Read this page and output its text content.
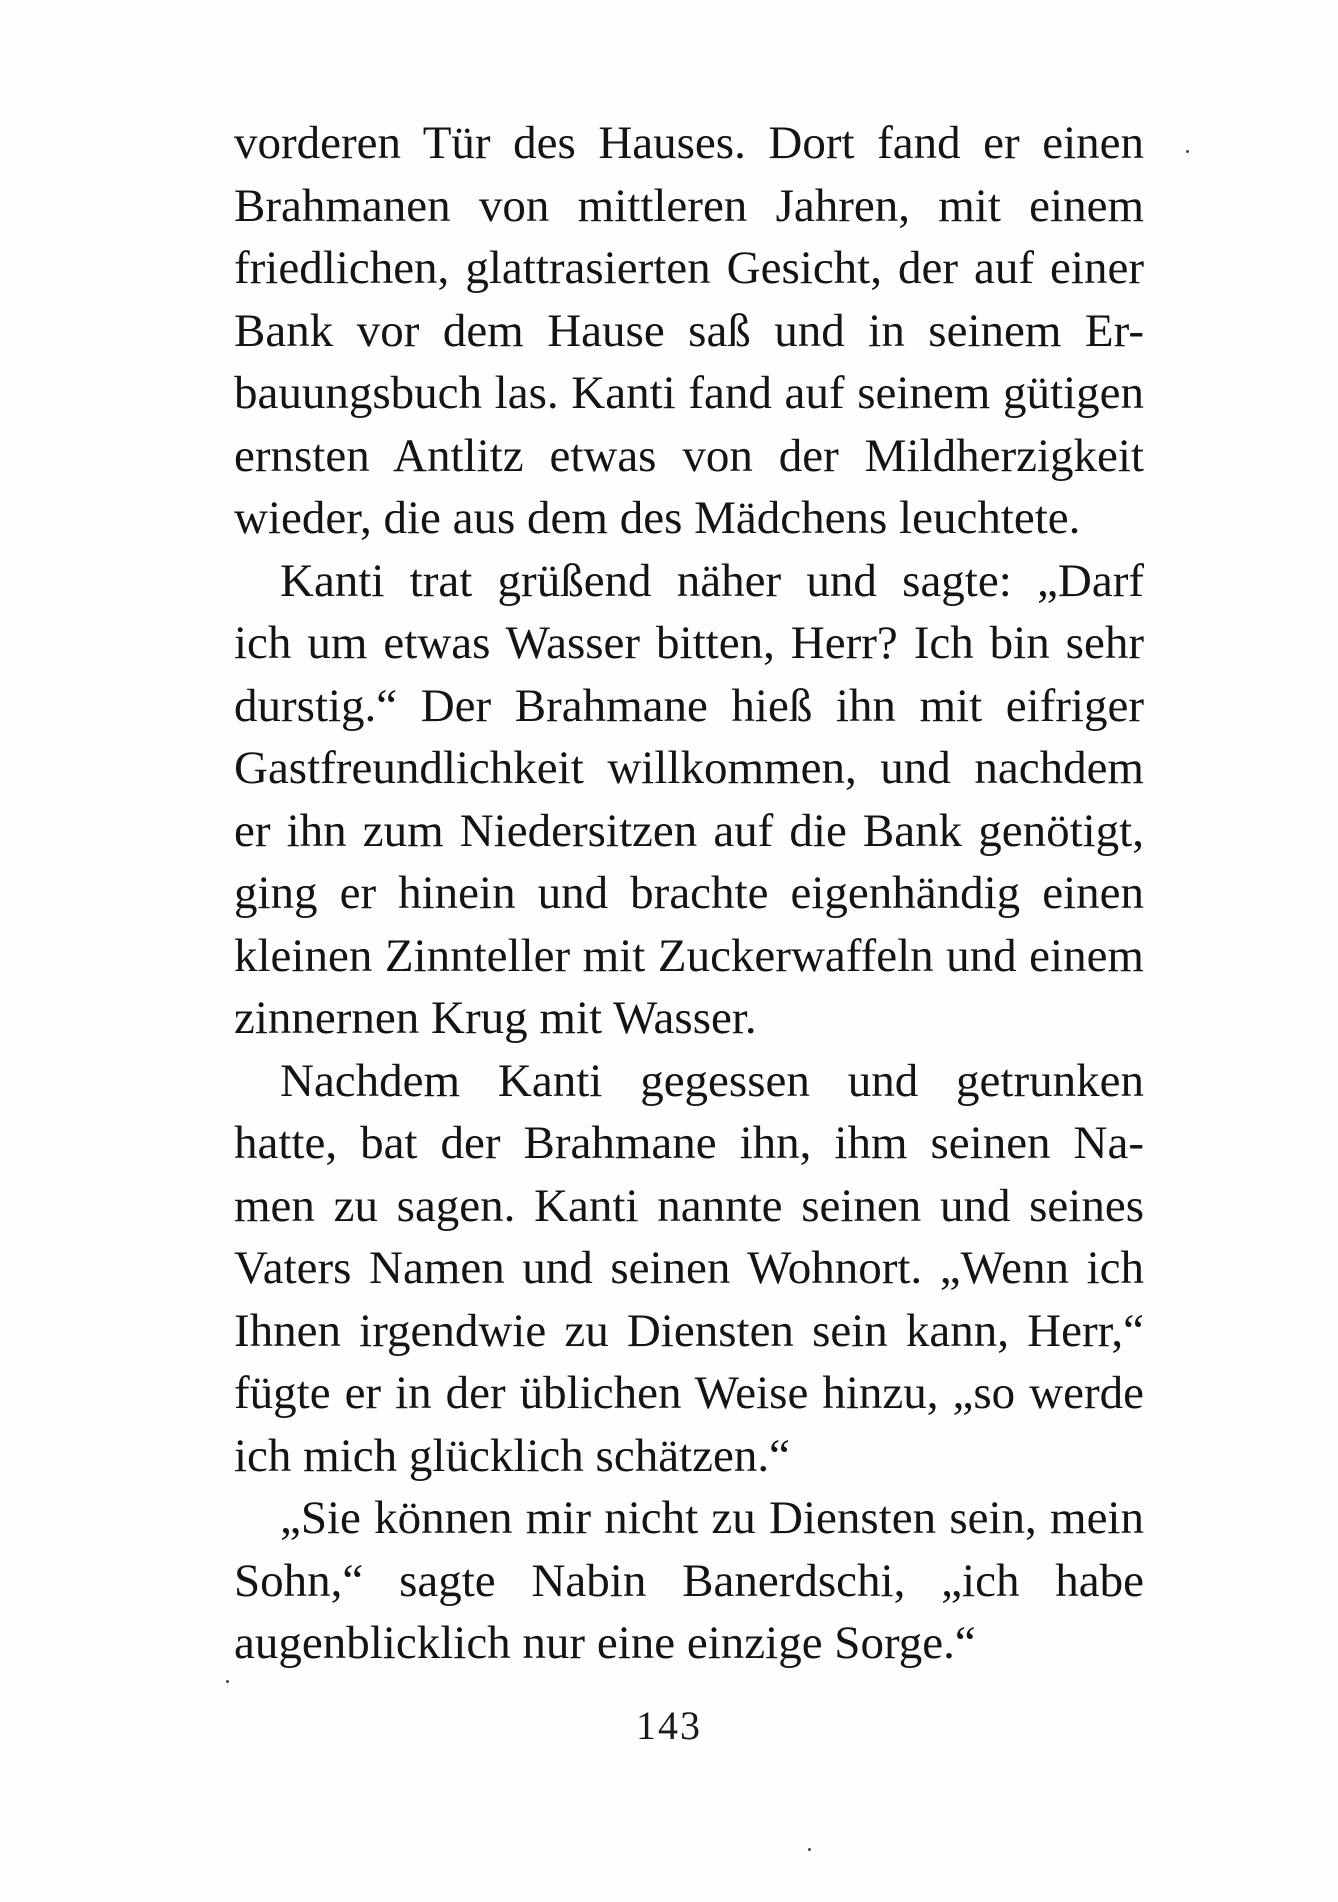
vorderen Tür des Hauses. Dort fand er einen
Brahmanen von mittleren Jahren, mit einem
friedlichen, glattrasierten Gesicht, der auf einer
Bank vor dem Hause saß und in seinem Er-
bauungsbuch las. Kanti fand auf seinem gütigen
ernsten Antlitz etwas von der Mildherzigkeit
wieder, die aus dem des Mädchens leuchtete.
Kanti trat grüßend näher und sagte: „Darf
ich um etwas Wasser bitten, Herr? Ich bin sehr
durstig.“ Der Brahmane hieß ihn mit eifriger
Gastfreundlichkeit willkommen, und nachdem
er ihn zum Niedersitzen auf die Bank genötigt,
ging er hinein und brachte eigenhändig einen
kleinen Zinnteller mit Zuckerwaffeln und einem
zinnernen Krug mit Wasser.
Nachdem Kanti gegessen und getrunken
hatte, bat der Brahmane ihn, ihm seinen Na-
men zu sagen. Kanti nannte seinen und seines
Vaters Namen und seinen Wohnort. „Wenn ich
Ihnen irgendwie zu Diensten sein kann, Herr,“
fügte er in der üblichen Weise hinzu, „so werde
ich mich glücklich schätzen.“
„Sie können mir nicht zu Diensten sein, mein
Sohn,“ sagte Nabin Banerdschi, „ich habe
augenblicklich nur eine einzige Sorge.“
143
